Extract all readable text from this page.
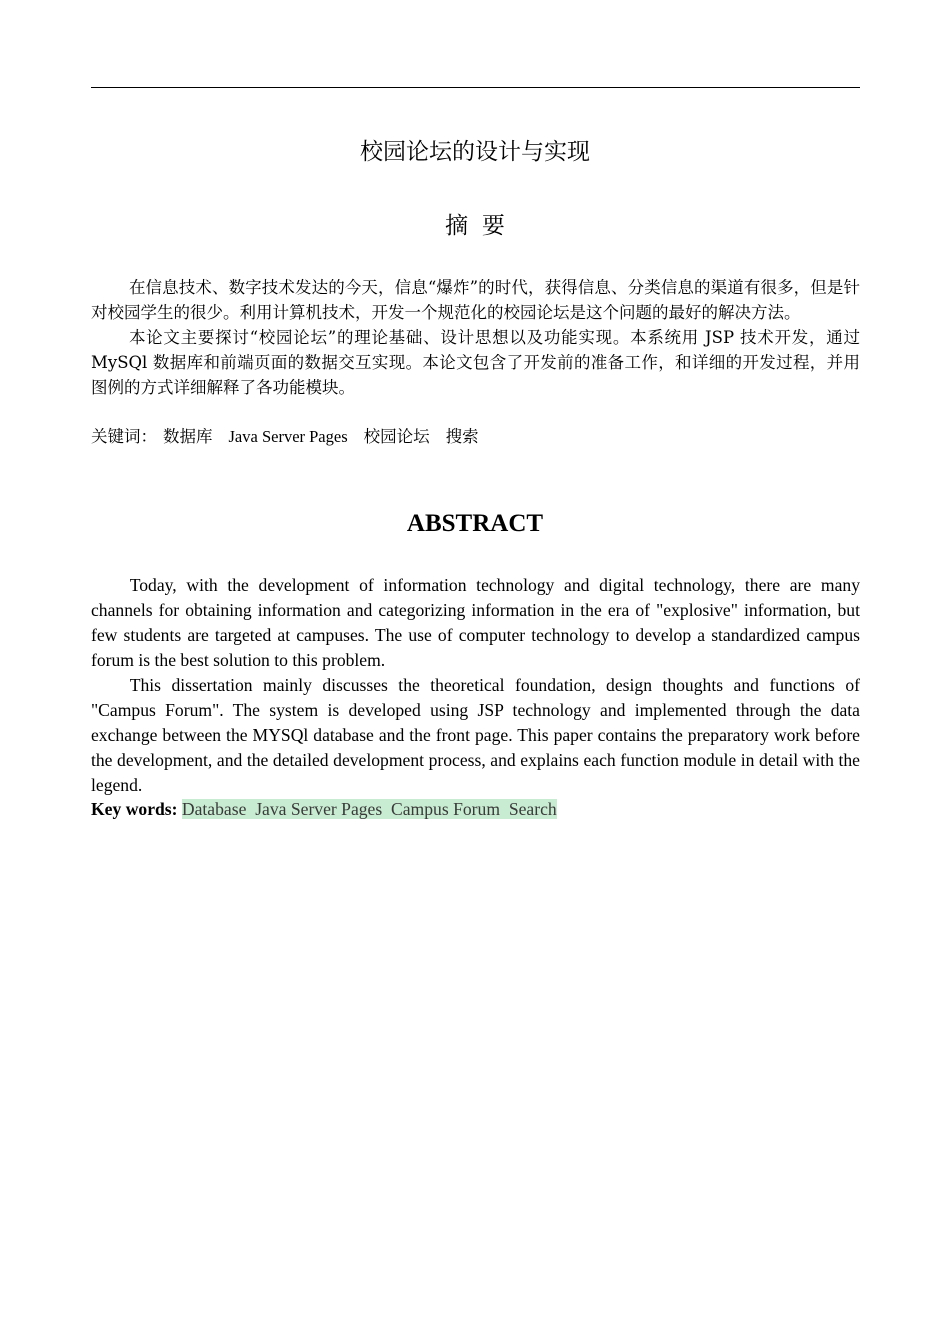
校园论坛的设计与实现
摘要

在信息技术、数字技术发达的今天，信息“爆炸”的时代，获得信息、分类信息的渠道有很多，但是针对校园学生的很少。利用计算机技术，开发一个规范化的校园论坛是这个问题的最好的解决方法。

本论文主要探讨“校园论坛”的理论基础、设计思想以及功能实现。本系统用 JSP 技术开发，通过 MySQl 数据库和前端页面的数据交互实现。本论文包含了开发前的准备工作，和详细的开发过程，并用图例的方式详细解释了各功能模块。

关键词： 数据库 Java Server Pages 校园论坛 搜索
ABSTRACT

Today, with the development of information technology and digital technology, there are many channels for obtaining information and categorizing information in the era of "explosive" information, but few students are targeted at campuses. The use of computer technology to develop a standardized campus forum is the best solution to this problem.

This dissertation mainly discusses the theoretical foundation, design thoughts and functions of "Campus Forum". The system is developed using JSP technology and implemented through the data exchange between the MYSQl database and the front page. This paper contains the preparatory work before the development, and the detailed development process, and explains each function module in detail with the legend.

Key words: Database Java Server Pages Campus Forum Search
